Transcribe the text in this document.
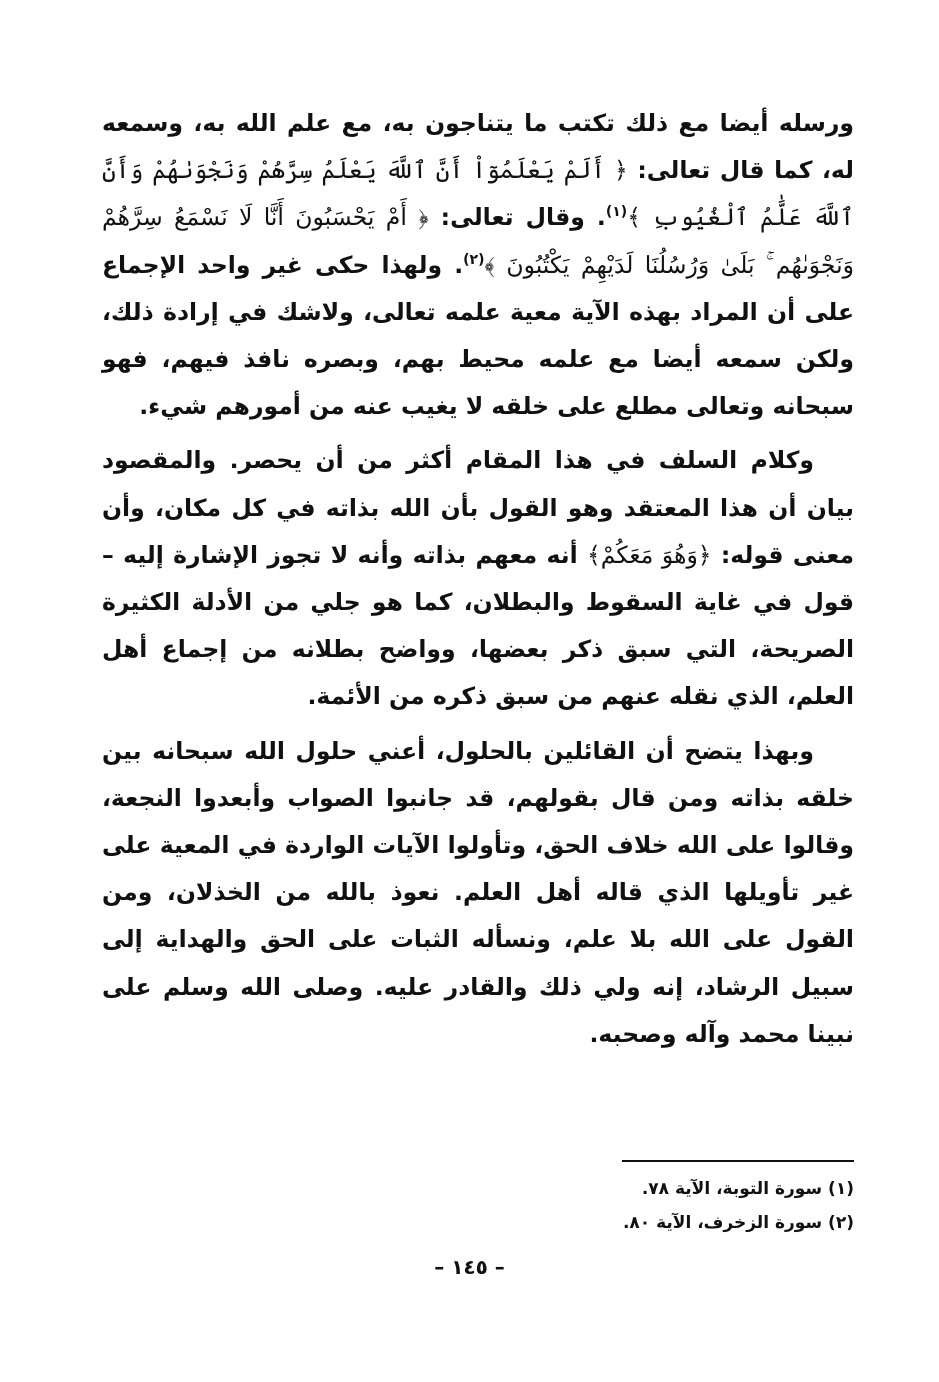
ورسله أيضا مع ذلك تكتب ما يتناجون به، مع علم الله به، وسمعه له، كما قال تعالى: ﴿ أَلَمْ يَعْلَمُوٓاْ أَنَّ ٱللَّهَ يَعْلَمُ سِرَّهُمْ وَنَجْوَىٰهُمْ وَأَنَّ ٱللَّهَ عَلَّٰمُ ٱلْغُيُوبِ ﴾$^{(١)}$. وقال تعالى: ﴿ أَمْ يَحْسَبُونَ أَنَّا لَا نَسْمَعُ سِرَّهُمْ وَنَجْوَىٰهُم ۚ بَلَىٰ وَرُسُلُنَا لَدَيْهِمْ يَكْتُبُونَ ﴾$^{(٢)}$. ولهذا حكى غير واحد الإجماع على أن المراد بهذه الآية معية علمه تعالى، ولاشك في إرادة ذلك، ولكن سمعه أيضا مع علمه محيط بهم، وبصره نافذ فيهم، فهو سبحانه وتعالى مطلع على خلقه لا يغيب عنه من أمورهم شيء.

وكلام السلف في هذا المقام أكثر من أن يحصر. والمقصود بيان أن هذا المعتقد وهو القول بأن الله بذاته في كل مكان، وأن معنى قوله: ﴿وَهُوَ مَعَكُمْ﴾ أنه معهم بذاته وأنه لا تجوز الإشارة إليه – قول في غاية السقوط والبطلان، كما هو جلي من الأدلة الكثيرة الصريحة، التي سبق ذكر بعضها، وواضح بطلانه من إجماع أهل العلم، الذي نقله عنهم من سبق ذكره من الأئمة.

وبهذا يتضح أن القائلين بالحلول، أعني حلول الله سبحانه بين خلقه بذاته ومن قال بقولهم، قد جانبوا الصواب وأبعدوا النجعة، وقالوا على الله خلاف الحق، وتأولوا الآيات الواردة في المعية على غير تأويلها الذي قاله أهل العلم. نعوذ بالله من الخذلان، ومن القول على الله بلا علم، ونسأله الثبات على الحق والهداية إلى سبيل الرشاد، إنه ولي ذلك والقادر عليه. وصلى الله وسلم على نبينا محمد وآله وصحبه.

(١) سورة التوبة، الآية ٧٨.
(٢) سورة الزخرف، الآية ٨٠.
– ١٤٥ –
